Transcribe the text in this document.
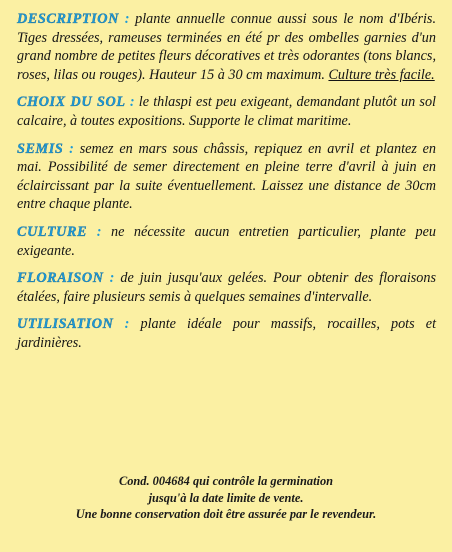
DESCRIPTION : plante annuelle connue aussi sous le nom d'Ibéris. Tiges dressées, rameuses terminées en été pr des ombelles garnies d'un grand nombre de petites fleurs décoratives et très odorantes (tons blancs, roses, lilas ou rouges). Hauteur 15 à 30 cm maximum. Culture très facile.

CHOIX DU SOL : le thlaspi est peu exigeant, demandant plutôt un sol calcaire, à toutes expositions. Supporte le climat maritime.

SEMIS : semez en mars sous châssis, repiquez en avril et plantez en mai. Possibilité de semer directement en pleine terre d'avril à juin en éclaircissant par la suite éventuellement. Laissez une distance de 30cm entre chaque plante.

CULTURE : ne nécessite aucun entretien particulier, plante peu exigeante.

FLORAISON : de juin jusqu'aux gelées. Pour obtenir des floraisons étalées, faire plusieurs semis à quelques semaines d'intervalle.

UTILISATION : plante idéale pour massifs, rocailles, pots et jardinières.

Cond. 004684 qui contrôle la germination
jusqu'à la date limite de vente.
Une bonne conservation doit être assurée par le revendeur.
